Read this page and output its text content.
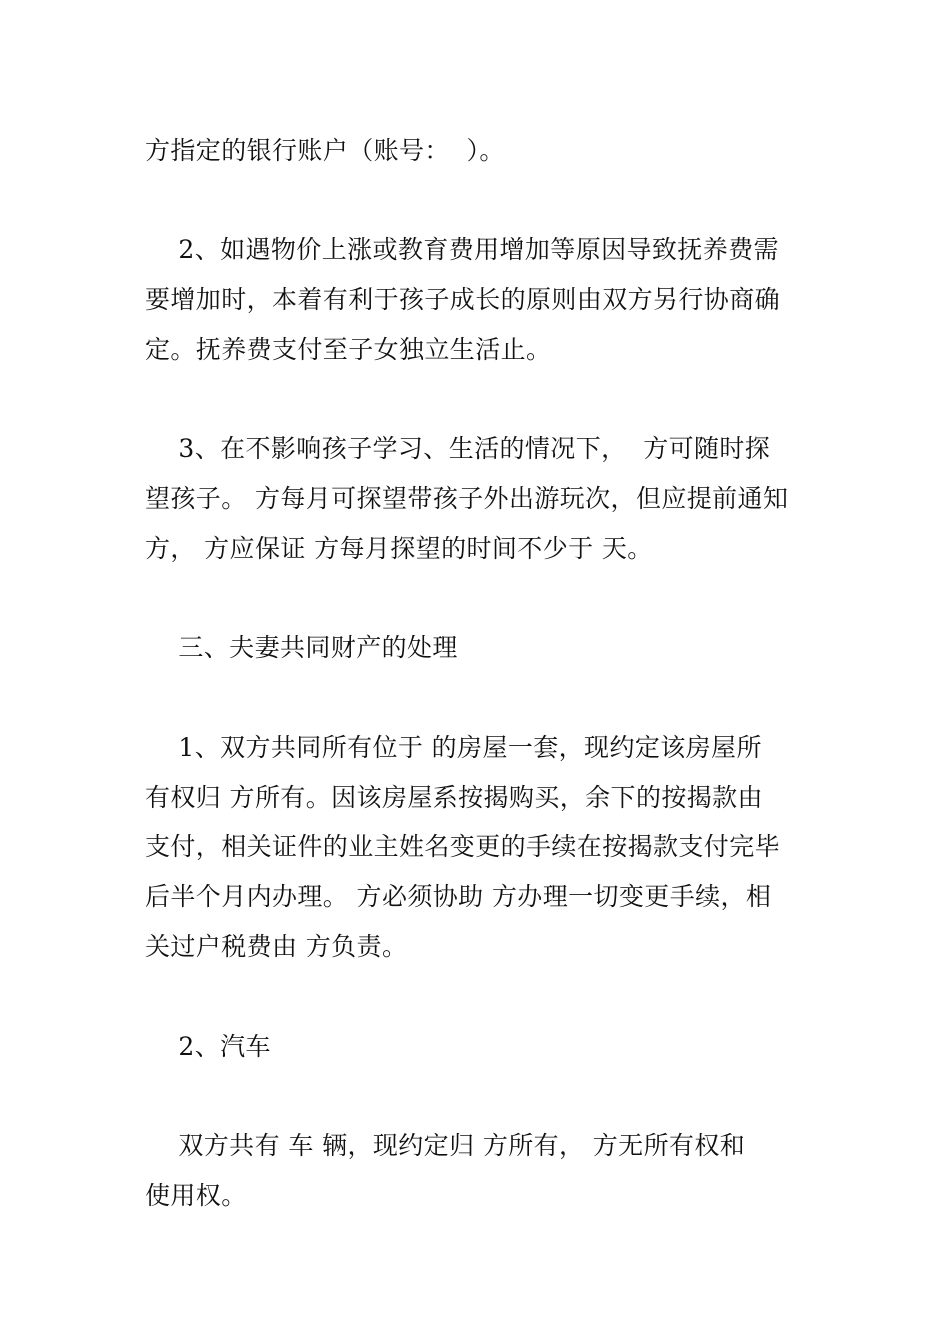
方指定的银行账户（账号：  ）。
2、如遇物价上涨或教育费用增加等原因导致抚养费需
要增加时，本着有利于孩子成长的原则由双方另行协商确
定。抚养费支付至子女独立生活止。
3、在不影响孩子学习、生活的情况下，  方可随时探
望孩子。 方每月可探望带孩子外出游玩次，但应提前通知
方， 方应保证 方每月探望的时间不少于 天。
三、夫妻共同财产的处理
1、双方共同所有位于 的房屋一套，现约定该房屋所
有权归 方所有。因该房屋系按揭购买，余下的按揭款由
支付，相关证件的业主姓名变更的手续在按揭款支付完毕
后半个月内办理。 方必须协助 方办理一切变更手续，相
关过户税费由 方负责。
2、汽车
双方共有 车 辆，现约定归 方所有， 方无所有权和
使用权。
